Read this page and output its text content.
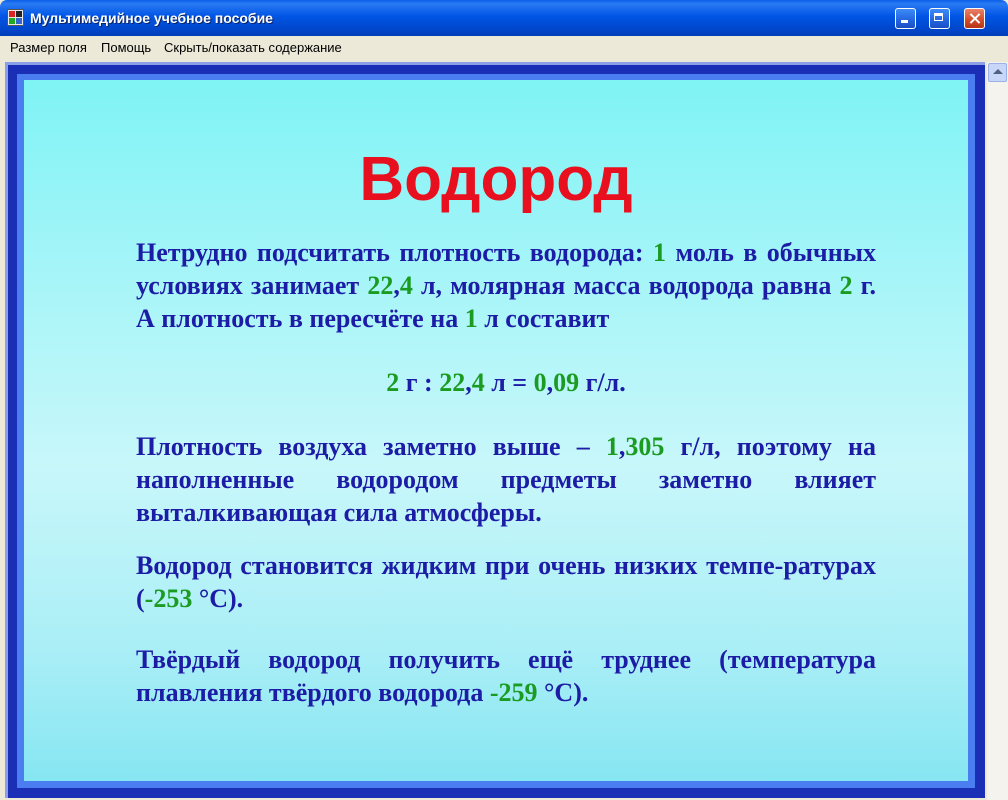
Мультимедийное учебное пособие
Размер поля Помощь Скрыть/показать содержание
Водород
Нетрудно подсчитать плотность водорода: 1 моль в обычных условиях занимает 22,4 л, молярная масса водорода равна 2 г. А плотность в пересчёте на 1 л составит
2 г : 22,4 л = 0,09 г/л.
Плотность воздуха заметно выше – 1,305 г/л, поэтому на наполненные водородом предметы заметно влияет выталкивающая сила атмосферы.
Водород становится жидким при очень низких темпе-ратурах (-253 °С).
Твёрдый водород получить ещё труднее (температура плавления твёрдого водорода -259 °С).
